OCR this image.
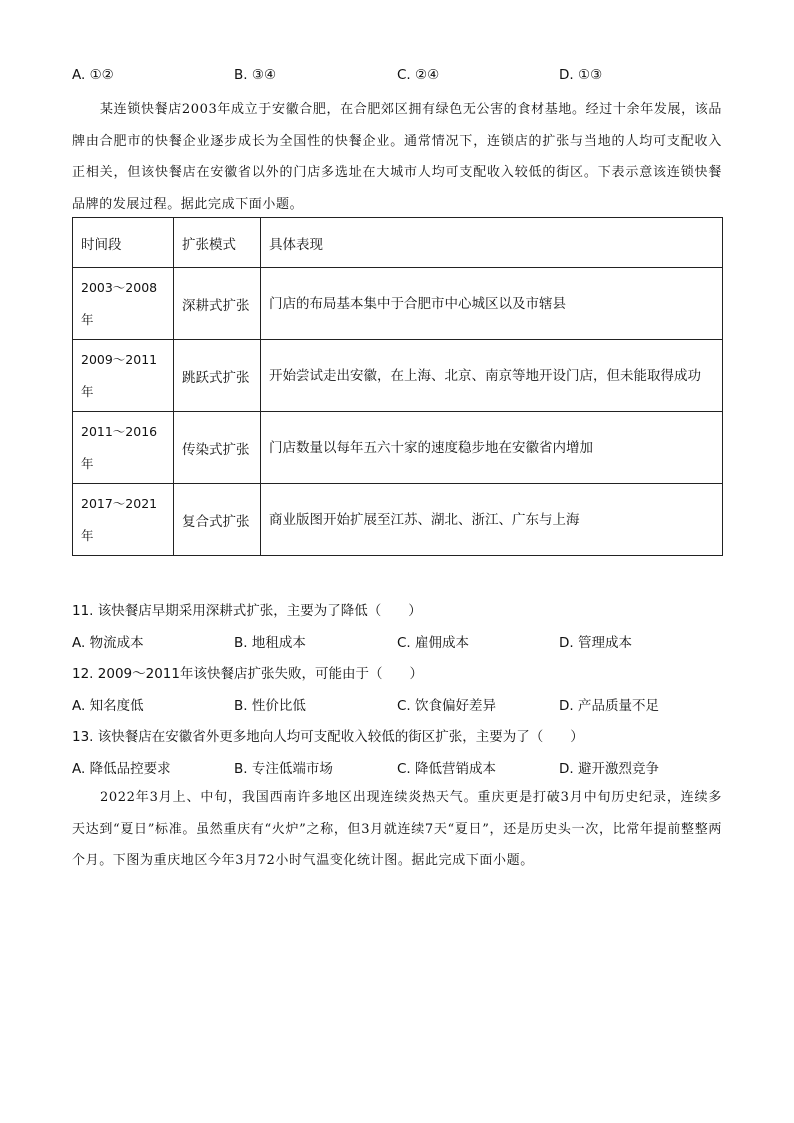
A. ①②	B. ③④	C. ②④	D. ①③
某连锁快餐店2003年成立于安徽合肥，在合肥郊区拥有绿色无公害的食材基地。经过十余年发展，该品牌由合肥市的快餐企业逐步成长为全国性的快餐企业。通常情况下，连锁店的扩张与当地的人均可支配收入正相关，但该快餐店在安徽省以外的门店多选址在大城市人均可支配收入较低的街区。下表示意该连锁快餐品牌的发展过程。据此完成下面小题。
时间段	扩张模式	具体表现
2003～2008年	深耕式扩张	门店的布局基本集中于合肥市中心城区以及市辖县
2009～2011年	跳跃式扩张	开始尝试走出安徽，在上海、北京、南京等地开设门店，但未能取得成功
2011～2016年	传染式扩张	门店数量以每年五六十家的速度稳步地在安徽省内增加
2017～2021年	复合式扩张	商业版图开始扩展至江苏、湖北、浙江、广东与上海
11. 该快餐店早期采用深耕式扩张，主要为了降低（　　）
A. 物流成本	B. 地租成本	C. 雇佣成本	D. 管理成本
12. 2009～2011年该快餐店扩张失败，可能由于（　　）
A. 知名度低	B. 性价比低	C. 饮食偏好差异	D. 产品质量不足
13. 该快餐店在安徽省外更多地向人均可支配收入较低的街区扩张，主要为了（　　）
A. 降低品控要求	B. 专注低端市场	C. 降低营销成本	D. 避开激烈竞争
2022年3月上、中旬，我国西南许多地区出现连续炎热天气。重庆更是打破3月中旬历史纪录，连续多天达到“夏日”标准。虽然重庆有“火炉”之称，但3月就连续7天“夏日”，还是历史头一次，比常年提前整整两个月。下图为重庆地区今年3月72小时气温变化统计图。据此完成下面小题。
